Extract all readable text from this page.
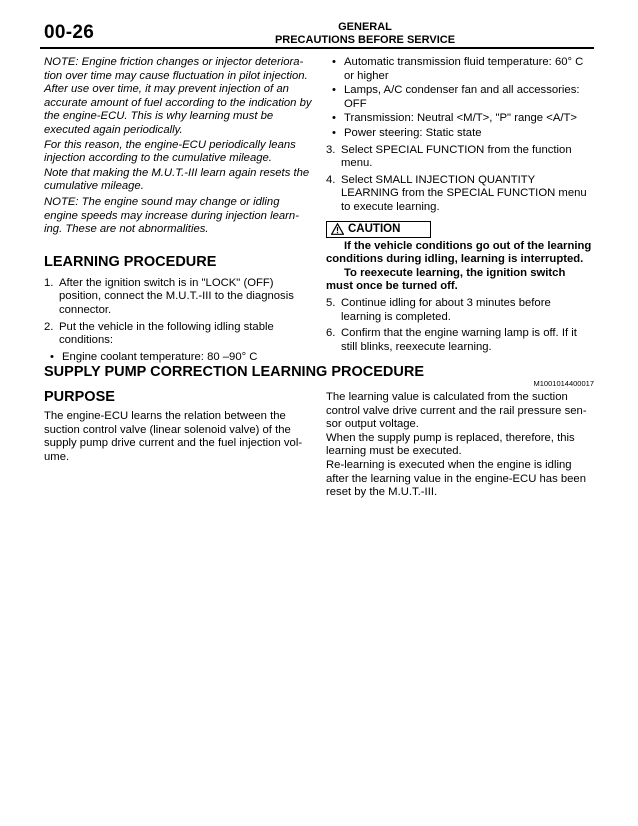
00-26	GENERAL
PRECAUTIONS BEFORE SERVICE

NOTE: Engine friction changes or injector deteriora-tion over time may cause fluctuation in pilot injection. After use over time, it may prevent injection of an accurate amount of fuel according to the indication by the engine-ECU. This is why learning must be executed again periodically.

For this reason, the engine-ECU periodically leans injection according to the cumulative mileage.

Note that making the M.U.T.-III learn again resets the cumulative mileage.

NOTE: The engine sound may change or idling engine speeds may increase during injection learn-ing. These are not abnormalities.

LEARNING PROCEDURE
1. After the ignition switch is in "LOCK" (OFF) position, connect the M.U.T.-III to the diagnosis connector.
2. Put the vehicle in the following idling stable conditions:
• Engine coolant temperature: 80 –90° C
• Automatic transmission fluid temperature: 60° C or higher
• Lamps, A/C condenser fan and all accessories: OFF
• Transmission: Neutral <M/T>, "P" range <A/T>
• Power steering: Static state
3. Select SPECIAL FUNCTION from the function menu.
4. Select SMALL INJECTION QUANTITY LEARNING from the SPECIAL FUNCTION menu to execute learning.
CAUTION

If the vehicle conditions go out of the learning conditions during idling, learning is interrupted.

To reexecute learning, the ignition switch must once be turned off.

5. Continue idling for about 3 minutes before learning is completed.
6. Confirm that the engine warning lamp is off. If it still blinks, reexecute learning.
SUPPLY PUMP CORRECTION LEARNING PROCEDURE
M1001014400017
PURPOSE

The engine-ECU learns the relation between the suction control valve (linear solenoid valve) of the supply pump drive current and the fuel injection vol-ume.

The learning value is calculated from the suction control valve drive current and the rail pressure sen-sor output voltage.

When the supply pump is replaced, therefore, this learning must be executed.

Re-learning is executed when the engine is idling after the learning value in the engine-ECU has been reset by the M.U.T.-III.
